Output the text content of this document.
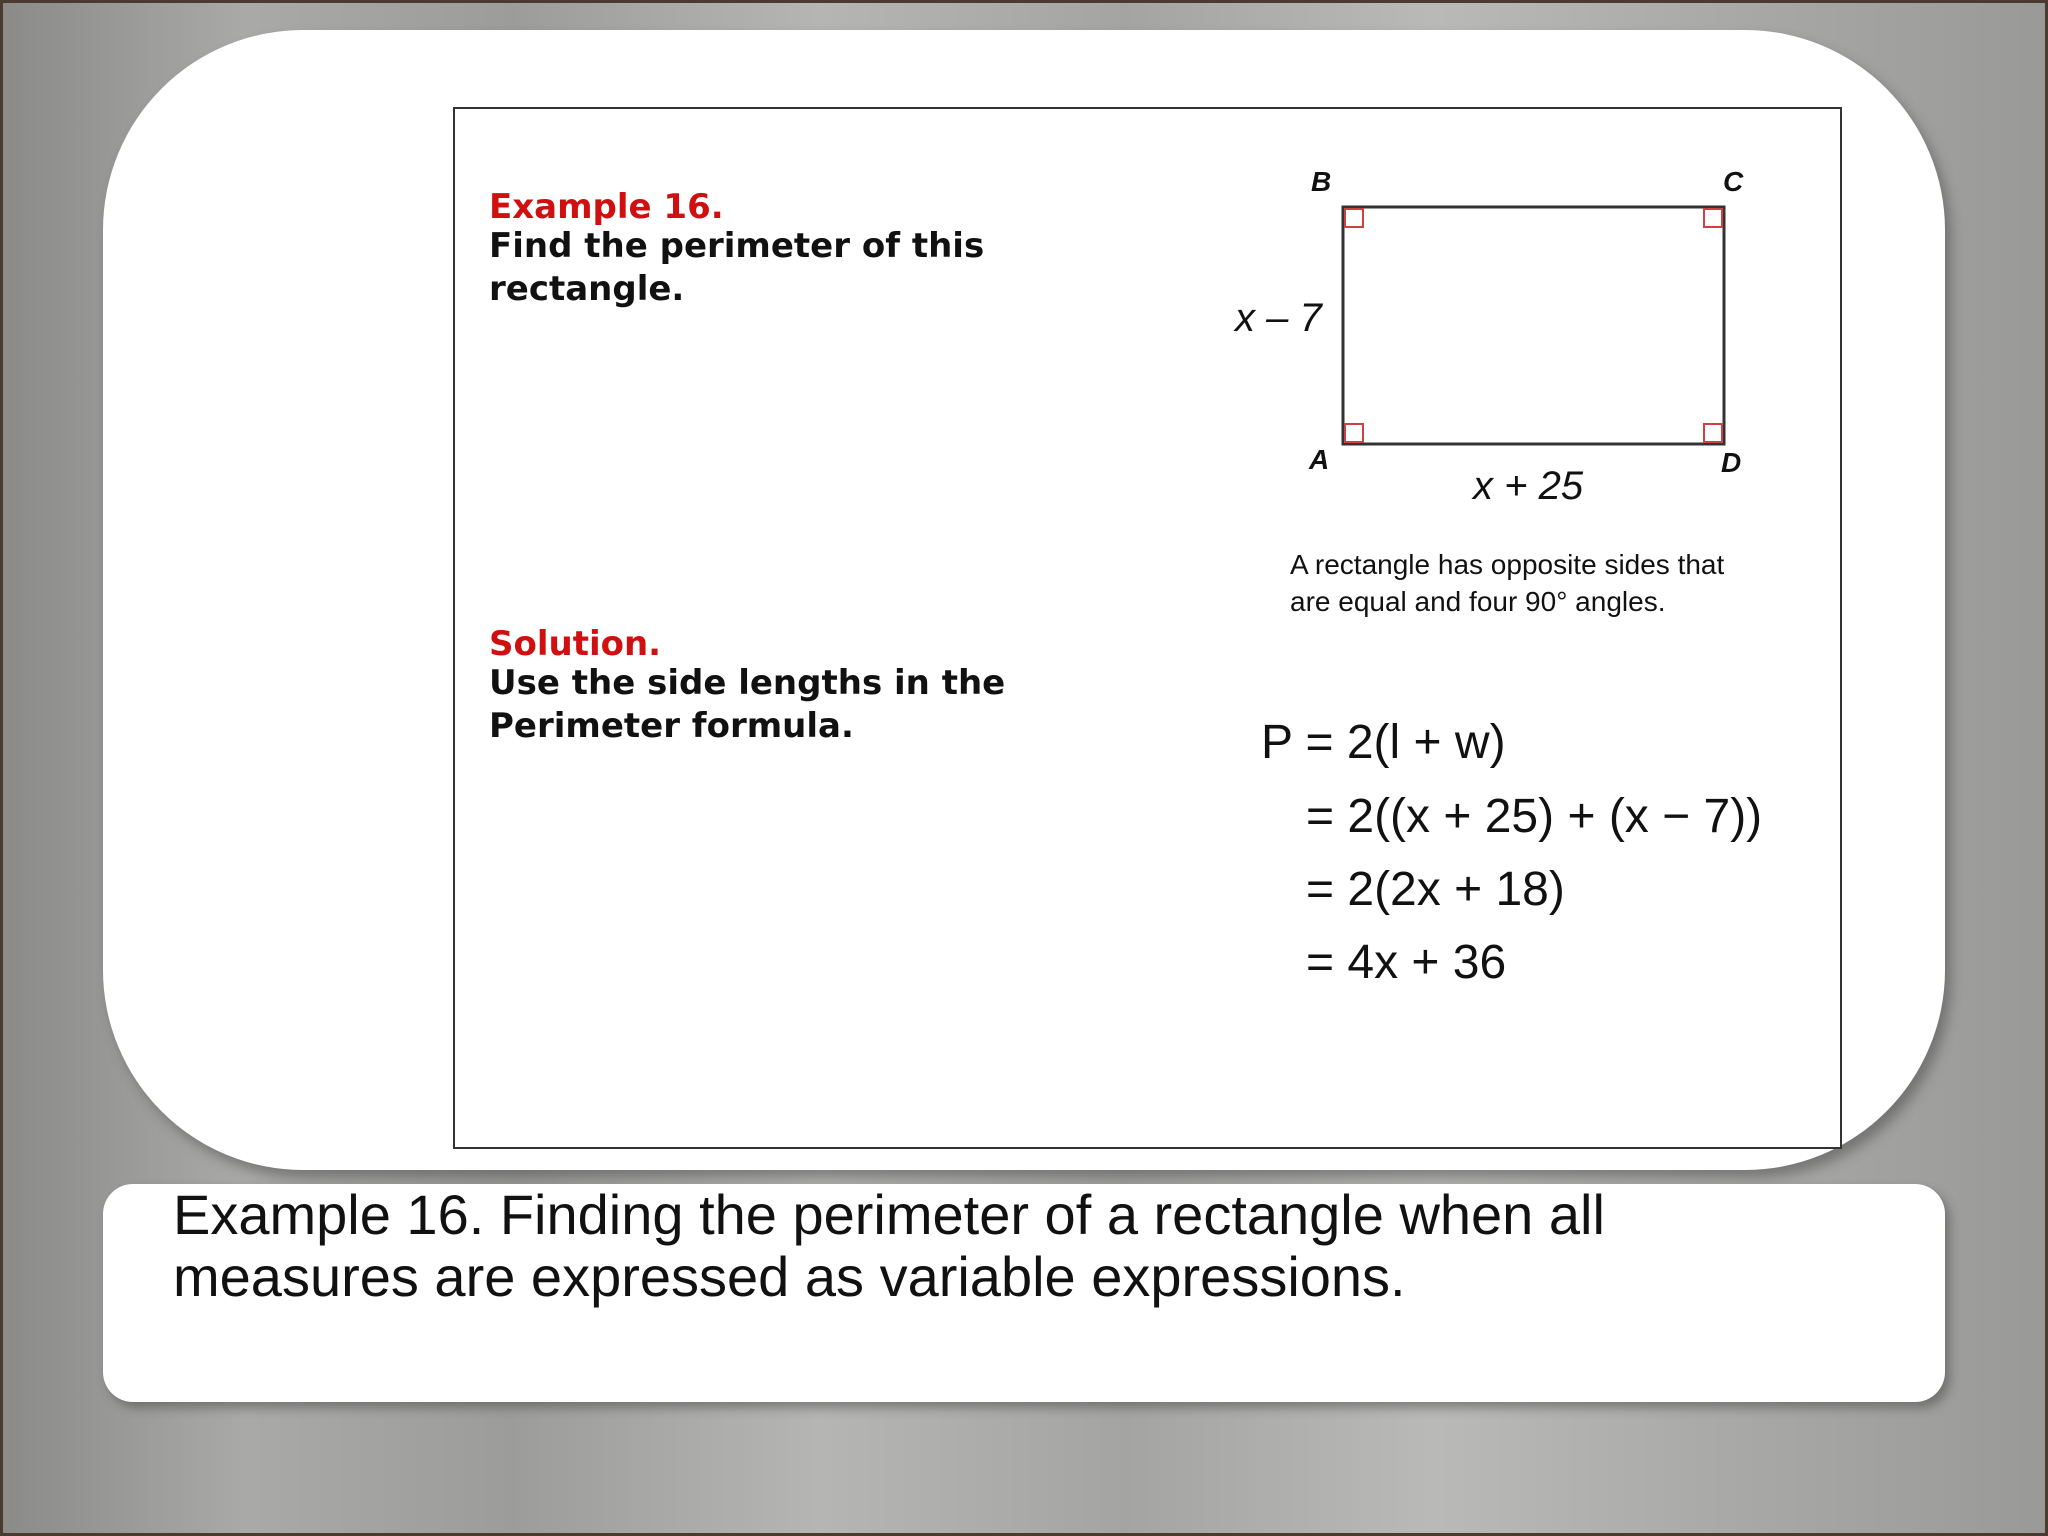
Example 16.
Find the perimeter of this rectangle.
B	C
A	D
x – 7
x + 25
A rectangle has opposite sides that are equal and four 90° angles.
Solution.
Use the side lengths in the Perimeter formula.	P = 2(l + w)
= 2((x + 25) + (x − 7))
= 2(2x + 18)
= 4x + 36
Example 16. Finding the perimeter of a rectangle when all measures are expressed as variable expressions.
